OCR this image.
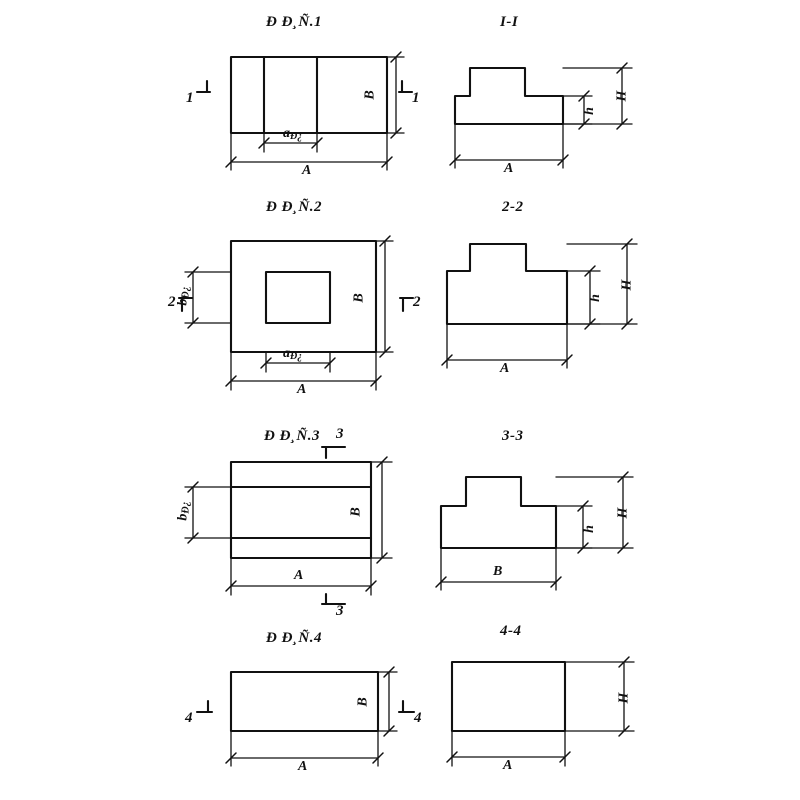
Ð Ð¸Ñ.1	I-I
1	1
$a_{Ð¿}$
A
B
A
h
H
Ð Ð¸Ñ.2	2-2
2	2
$b_{Ð¿}$
$a_{Ð¿}$
A
B
A
h
H
Ð Ð¸Ñ.3	3-3
3
3
$b_{Ð¿}$
A
B
B
h
H
Ð Ð¸Ñ.4	4-4
4	4
A
B
A
H
